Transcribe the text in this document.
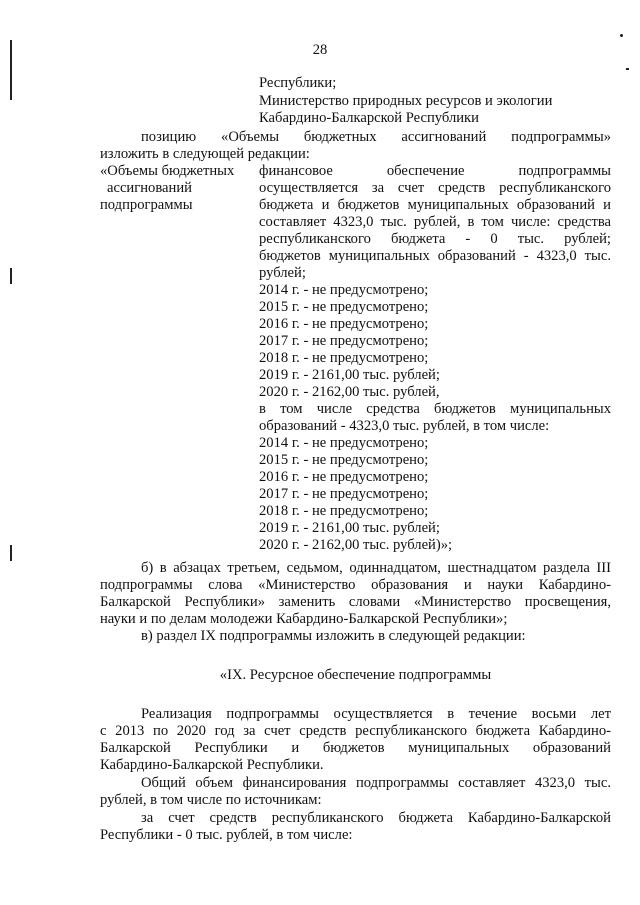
28
Республики;
Министерство природных ресурсов и экологии
Кабардино-Балкарской Республики
позицию «Объемы бюджетных ассигнований подпрограммы»
изложить в следующей редакции:
«Объемы бюджетных
ассигнований
подпрограммы
финансовое обеспечение подпрограммы
осуществляется за счет средств республиканского
бюджета и бюджетов муниципальных образований и
составляет 4323,0 тыс. рублей, в том числе: средства
республиканского бюджета - 0 тыс. рублей;
бюджетов муниципальных образований - 4323,0 тыс.
рублей;
2014 г. - не предусмотрено;
2015 г. - не предусмотрено;
2016 г. - не предусмотрено;
2017 г. - не предусмотрено;
2018 г. - не предусмотрено;
2019 г. - 2161,00 тыс. рублей;
2020 г. - 2162,00 тыс. рублей,
в том числе средства бюджетов муниципальных
образований - 4323,0 тыс. рублей, в том числе:
2014 г. - не предусмотрено;
2015 г. - не предусмотрено;
2016 г. - не предусмотрено;
2017 г. - не предусмотрено;
2018 г. - не предусмотрено;
2019 г. - 2161,00 тыс. рублей;
2020 г. - 2162,00 тыс. рублей)»;
б) в абзацах третьем, седьмом, одиннадцатом, шестнадцатом раздела III
подпрограммы слова «Министерство образования и науки Кабардино-
Балкарской Республики» заменить словами «Министерство просвещения,
науки и по делам молодежи Кабардино-Балкарской Республики»;
в) раздел IX подпрограммы изложить в следующей редакции:
«IX. Ресурсное обеспечение подпрограммы
Реализация подпрограммы осуществляется в течение восьми лет
с 2013 по 2020 год за счет средств республиканского бюджета Кабардино-
Балкарской Республики и бюджетов муниципальных образований
Кабардино-Балкарской Республики.
Общий объем финансирования подпрограммы составляет 4323,0 тыс.
рублей, в том числе по источникам:
за счет средств республиканского бюджета Кабардино-Балкарской
Республики - 0 тыс. рублей, в том числе:
